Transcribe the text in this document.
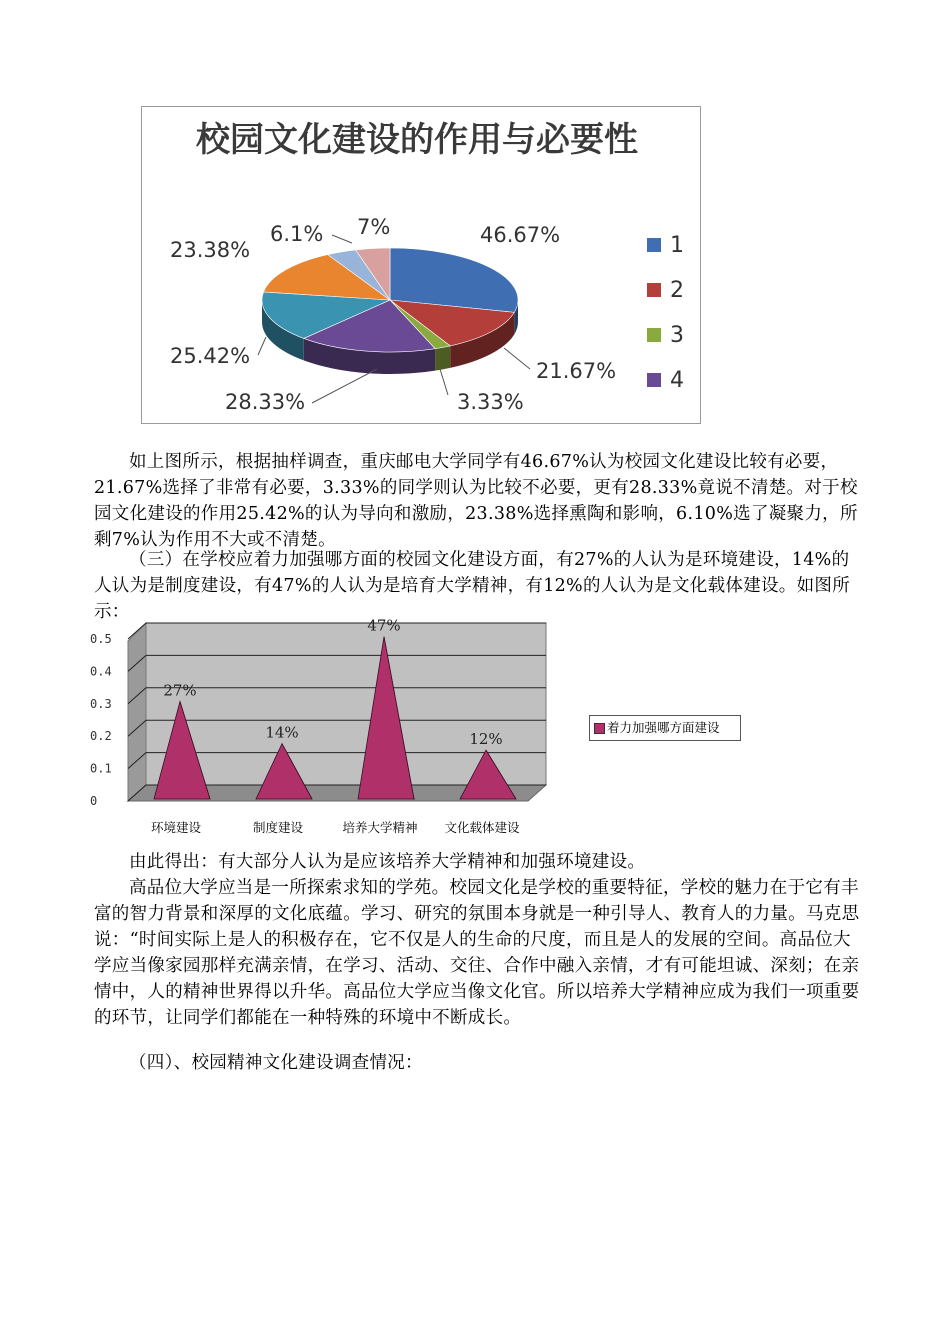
校园文化建设的作用与必要性
46.67%
21.67%
3.33%
28.33%
25.42%
23.38%
6.1% 7%
1
2
3
4

如上图所示，根据抽样调查，重庆邮电大学同学有46.67%认为校园文化建设比较有必要，21.67%选择了非常有必要，3.33%的同学则认为比较不必要，更有28.33%竟说不清楚。对于校园文化建设的作用25.42%的认为导向和激励，23.38%选择熏陶和影响，6.10%选了凝聚力，所剩7%认为作用不大或不清楚。

（三）在学校应着力加强哪方面的校园文化建设方面，有27%的人认为是环境建设，14%的人认为是制度建设，有47%的人认为是培育大学精神，有12%的人认为是文化载体建设。如图所示：

0
0.1
0.2
0.3
0.4
0.5
27%
环境建设
14%
制度建设
47%
培养大学精神
12%
文化载体建设
着力加强哪方面建设

由此得出：有大部分人认为是应该培养大学精神和加强环境建设。

高品位大学应当是一所探索求知的学苑。校园文化是学校的重要特征，学校的魅力在于它有丰富的智力背景和深厚的文化底蕴。学习、研究的氛围本身就是一种引导人、教育人的力量。马克思说：“时间实际上是人的积极存在，它不仅是人的生命的尺度，而且是人的发展的空间。高品位大学应当像家园那样充满亲情，在学习、活动、交往、合作中融入亲情，才有可能坦诚、深刻；在亲情中，人的精神世界得以升华。高品位大学应当像文化官。所以培养大学精神应成为我们一项重要的环节，让同学们都能在一种特殊的环境中不断成长。

（四）、校园精神文化建设调查情况：
